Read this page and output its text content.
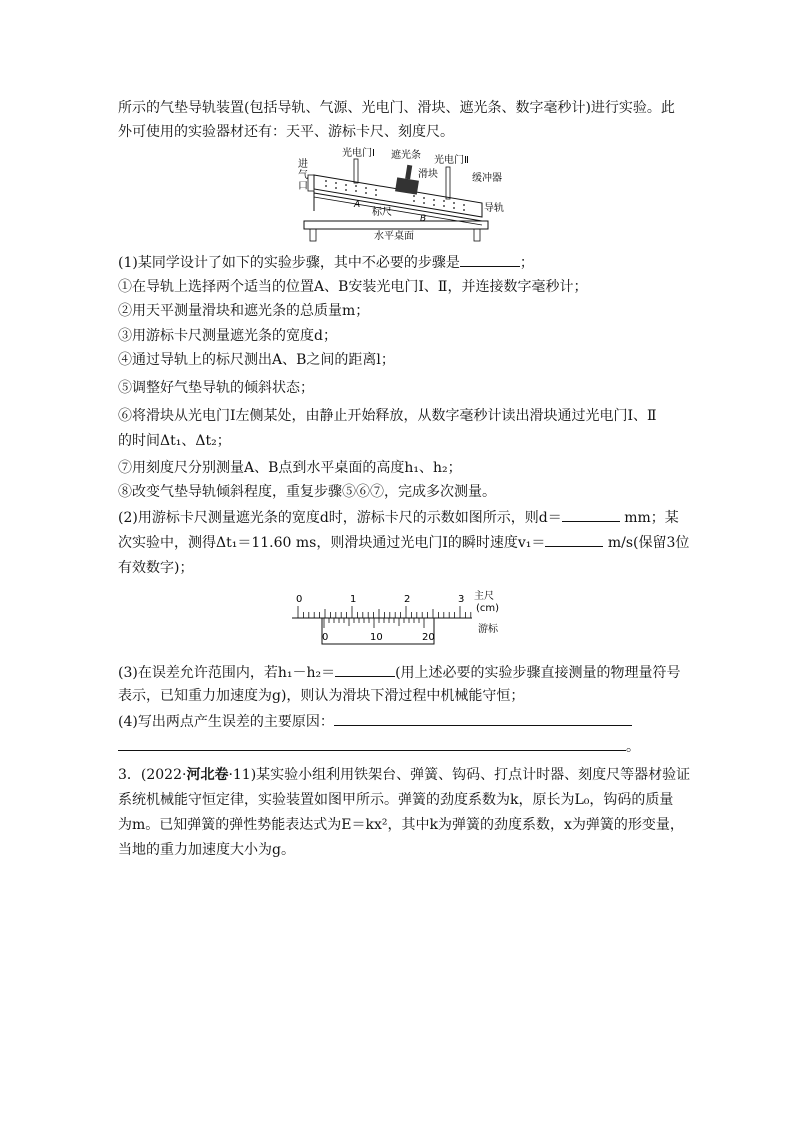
所示的气垫导轨装置(包括导轨、气源、光电门、滑块、遮光条、数字毫秒计)进行实验。此
外可使用的实验器材还有：天平、游标卡尺、刻度尺。
光电门Ⅰ 遮光条 光电门Ⅱ
进
气
口
滑块	缓冲器
A
标尺
B
导轨
水平桌面
(1)某同学设计了如下的实验步骤，其中不必要的步骤是	；
①在导轨上选择两个适当的位置A、B安装光电门Ⅰ、Ⅱ，并连接数字毫秒计；
②用天平测量滑块和遮光条的总质量m；
③用游标卡尺测量遮光条的宽度d；
④通过导轨上的标尺测出A、B之间的距离l；
⑤调整好气垫导轨的倾斜状态；
⑥将滑块从光电门Ⅰ左侧某处，由静止开始释放，从数字毫秒计读出滑块通过光电门Ⅰ、Ⅱ
的时间Δt₁、Δt₂；
⑦用刻度尺分别测量A、B点到水平桌面的高度h₁、h₂；
⑧改变气垫导轨倾斜程度，重复步骤⑤⑥⑦，完成多次测量。
(2)用游标卡尺测量遮光条的宽度d时，游标卡尺的示数如图所示，则d＝	mm；某
次实验中，测得Δt₁＝11.60 ms，则滑块通过光电门Ⅰ的瞬时速度v₁＝	m/s(保留3位
有效数字)；
0	1	2	3 主尺
(cm)
0	10	20
游标
(3)在误差允许范围内，若h₁－h₂＝	(用上述必要的实验步骤直接测量的物理量符号
表示，已知重力加速度为g)，则认为滑块下滑过程中机械能守恒；
(4)写出两点产生误差的主要原因：
。
3．(2022·河北卷·11)某实验小组利用铁架台、弹簧、钩码、打点计时器、刻度尺等器材验证
系统机械能守恒定律，实验装置如图甲所示。弹簧的劲度系数为k，原长为L₀，钩码的质量
为m。已知弹簧的弹性势能表达式为E＝kx²，其中k为弹簧的劲度系数，x为弹簧的形变量，
当地的重力加速度大小为g。
